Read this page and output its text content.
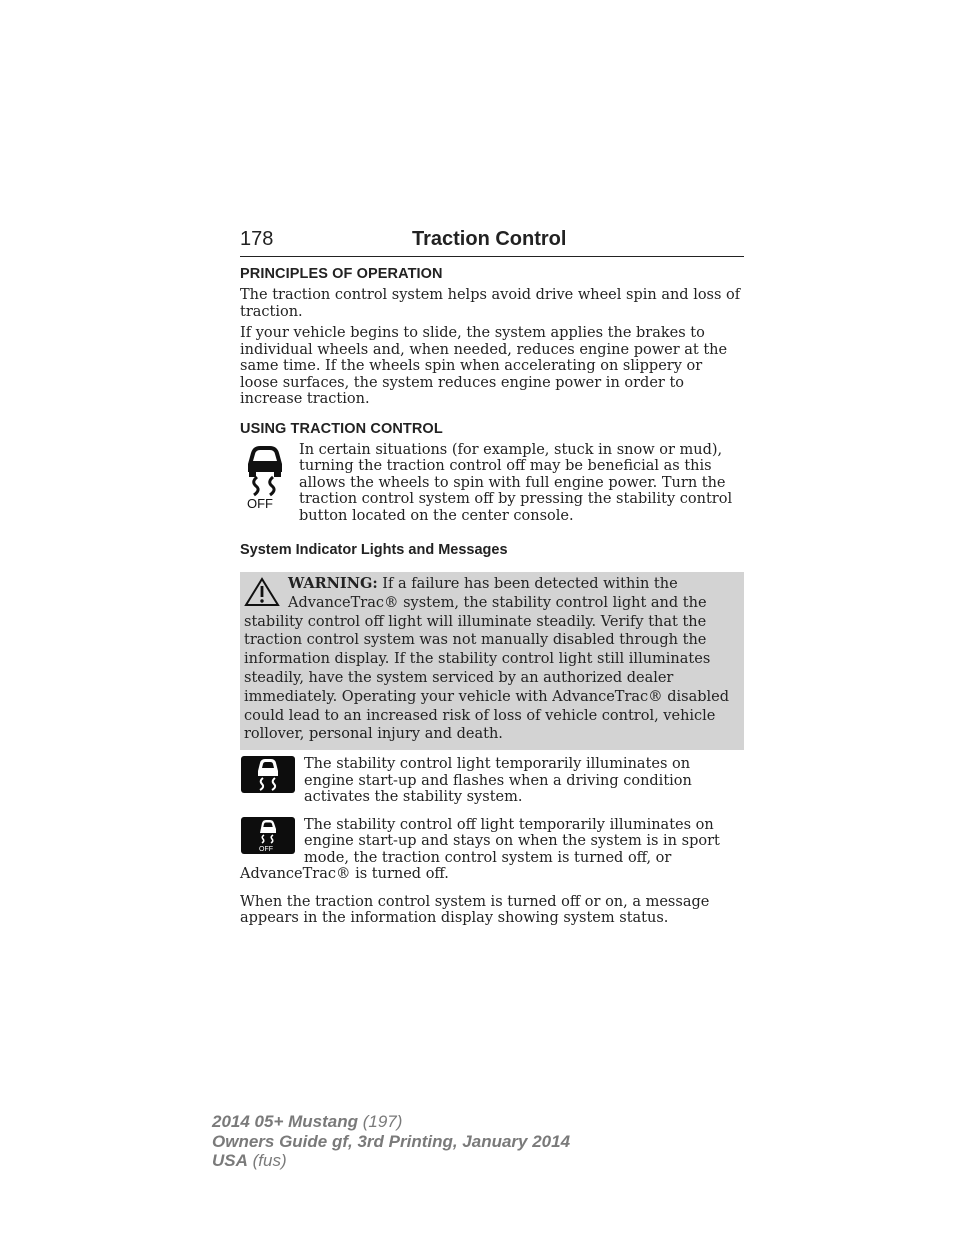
178	Traction Control
PRINCIPLES OF OPERATION

The traction control system helps avoid drive wheel spin and loss of traction.

If your vehicle begins to slide, the system applies the brakes to individual wheels and, when needed, reduces engine power at the same time. If the wheels spin when accelerating on slippery or loose surfaces, the system reduces engine power in order to increase traction.

USING TRACTION CONTROL
OFF

In certain situations (for example, stuck in snow or mud), turning the traction control off may be beneficial as this allows the wheels to spin with full engine power. Turn the traction control system off by pressing the stability control button located on the center console.

System Indicator Lights and Messages

WARNING: If a failure has been detected within the AdvanceTrac® system, the stability control light and the stability control off light will illuminate steadily. Verify that the traction control system was not manually disabled through the information display. If the stability control light still illuminates steadily, have the system serviced by an authorized dealer immediately. Operating your vehicle with AdvanceTrac® disabled could lead to an increased risk of loss of vehicle control, vehicle rollover, personal injury and death.

The stability control light temporarily illuminates on engine start-up and flashes when a driving condition activates the stability system.

OFF

The stability control off light temporarily illuminates on engine start-up and stays on when the system is in sport mode, the traction control system is turned off, or AdvanceTrac® is turned off.

When the traction control system is turned off or on, a message appears in the information display showing system status.

2014 05+ Mustang (197)
Owners Guide gf, 3rd Printing, January 2014
USA (fus)
